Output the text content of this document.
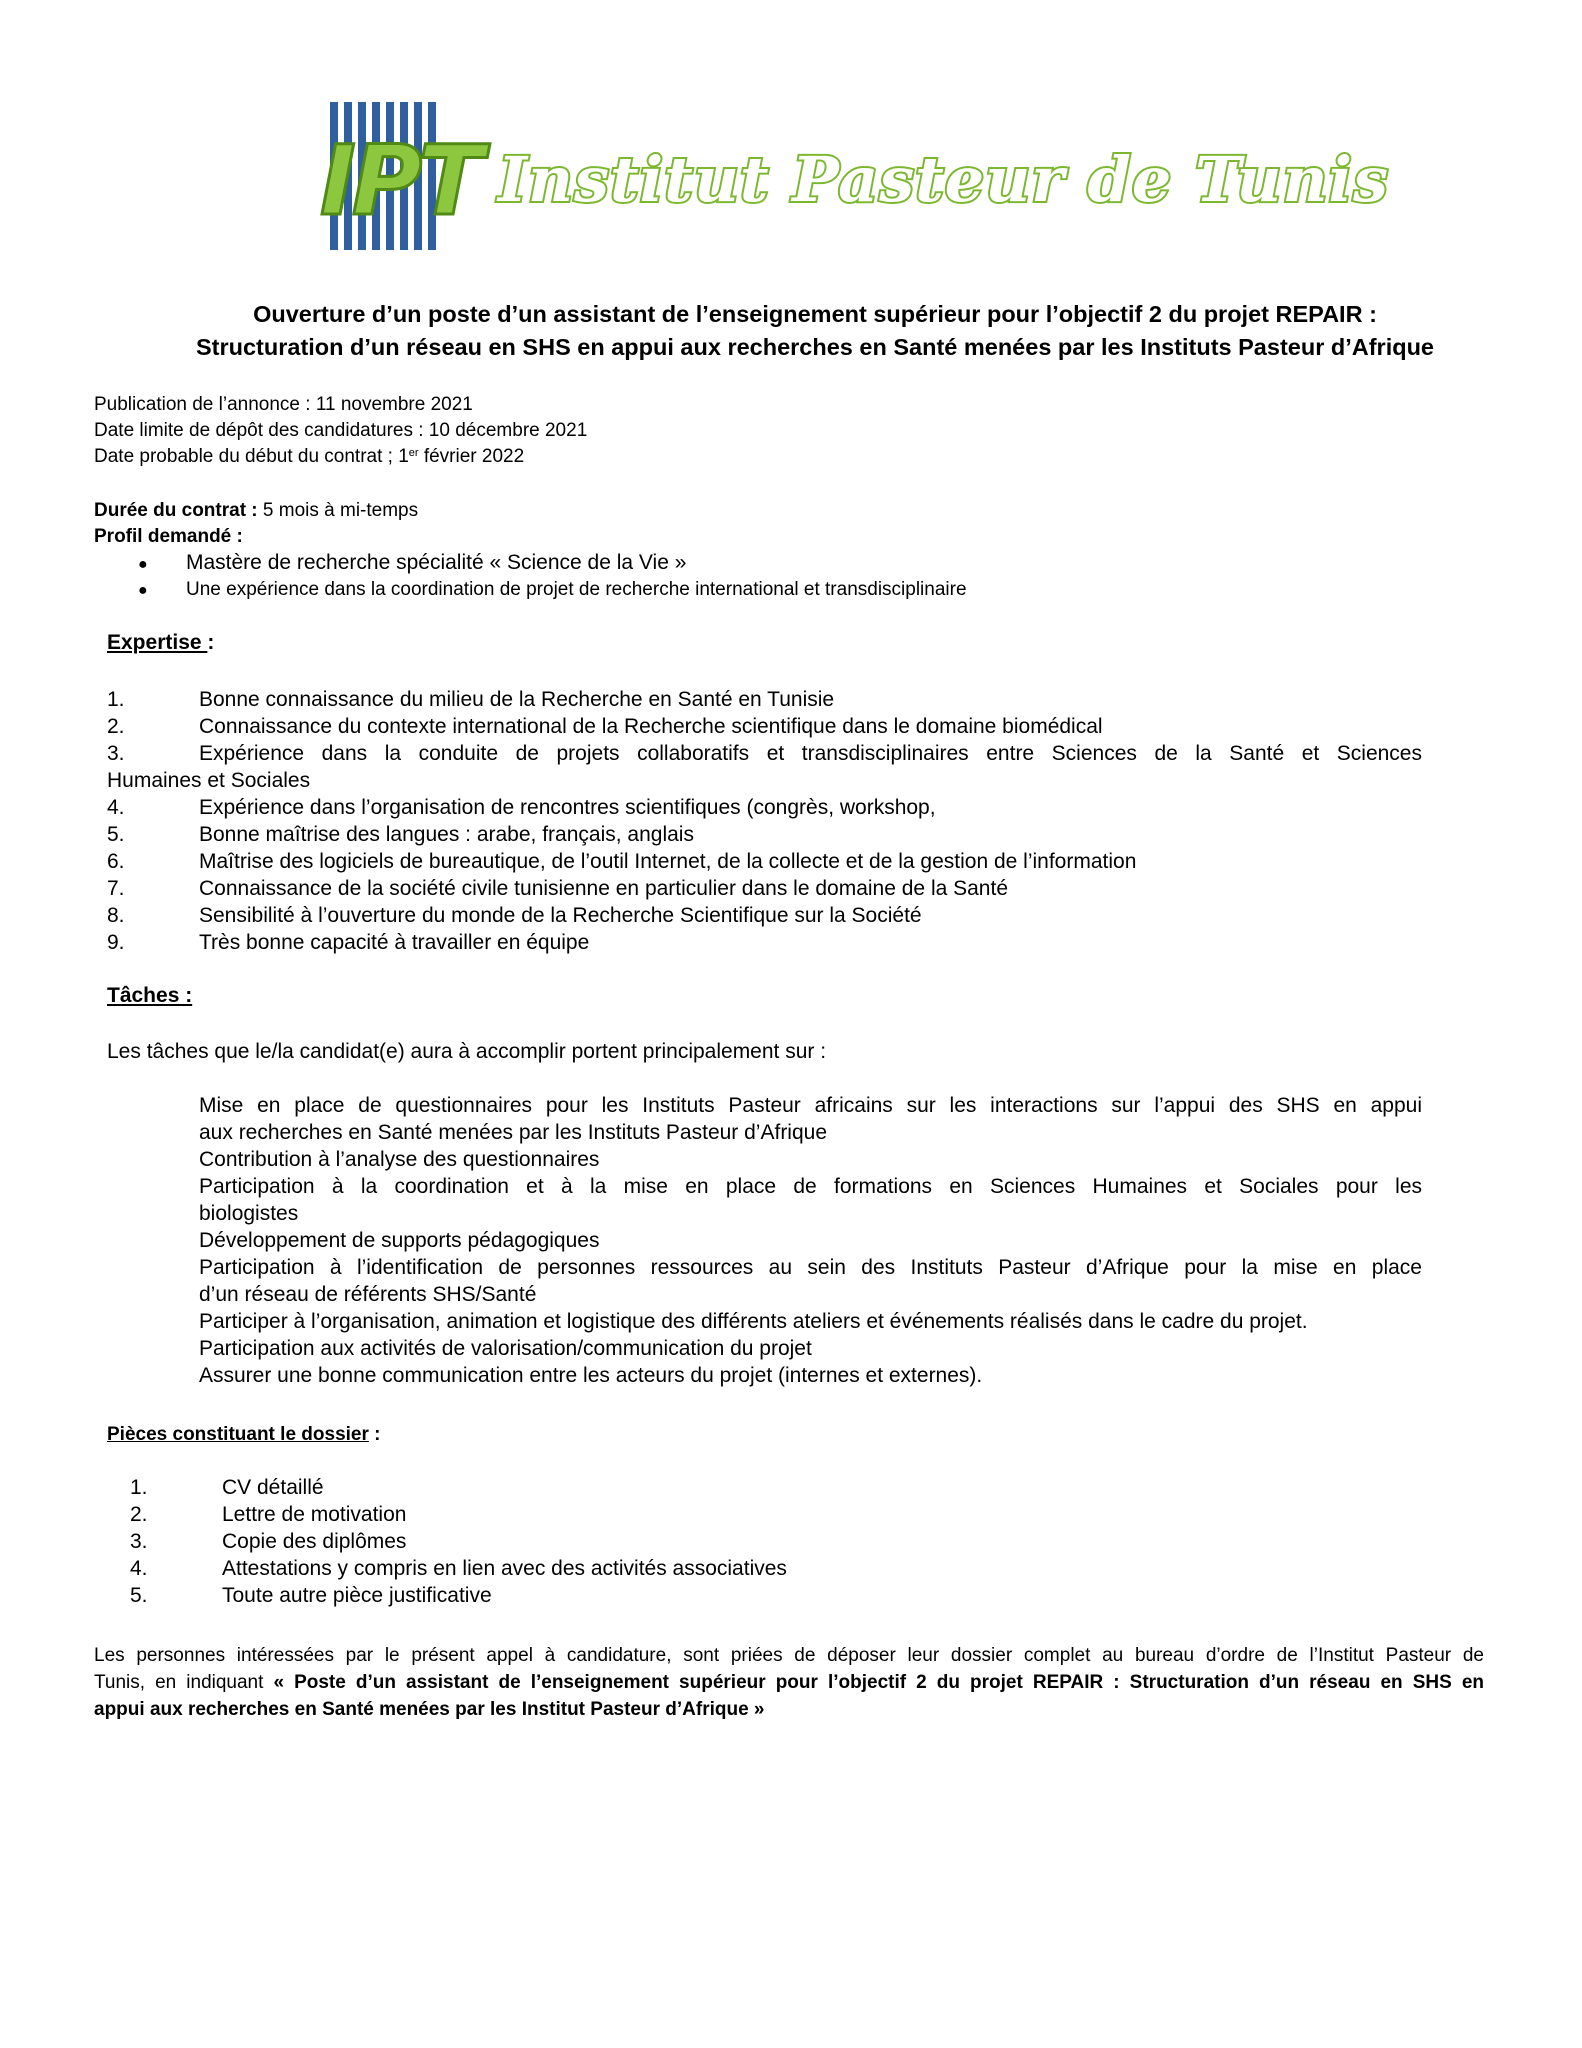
IPT Institut Pasteur de Tunis
Ouverture d’un poste d’un assistant de l’enseignement supérieur pour l’objectif 2 du projet REPAIR :
Structuration d’un réseau en SHS en appui aux recherches en Santé menées par les Instituts Pasteur d’Afrique
Publication de l’annonce : 11 novembre 2021
Date limite de dépôt des candidatures : 10 décembre 2021
Date probable du début du contrat ; 1er février 2022
Durée du contrat : 5 mois à mi-temps
Profil demandé :
●	Mastère de recherche spécialité « Science de la Vie »
●	Une expérience dans la coordination de projet de recherche international et transdisciplinaire
Expertise :
1.	Bonne connaissance du milieu de la Recherche en Santé en Tunisie
2.	Connaissance du contexte international de la Recherche scientifique dans le domaine biomédical
3.	Expérience dans la conduite de projets collaboratifs et transdisciplinaires entre Sciences de la Santé et Sciences
Humaines et Sociales
4.	Expérience dans l’organisation de rencontres scientifiques (congrès, workshop,
5.	Bonne maîtrise des langues : arabe, français, anglais
6.	Maîtrise des logiciels de bureautique, de l’outil Internet, de la collecte et de la gestion de l’information
7.	Connaissance de la société civile tunisienne en particulier dans le domaine de la Santé
8.	Sensibilité à l’ouverture du monde de la Recherche Scientifique sur la Société
9.	Très bonne capacité à travailler en équipe
Tâches :
Les tâches que le/la candidat(e) aura à accomplir portent principalement sur :
Mise en place de questionnaires pour les Instituts Pasteur africains sur les interactions sur l’appui des SHS en appui
aux recherches en Santé menées par les Instituts Pasteur d’Afrique
Contribution à l’analyse des questionnaires
Participation à la coordination et à la mise en place de formations en Sciences Humaines et Sociales pour les
biologistes
Développement de supports pédagogiques
Participation à l’identification de personnes ressources au sein des Instituts Pasteur d’Afrique pour la mise en place
d’un réseau de référents SHS/Santé
Participer à l’organisation, animation et logistique des différents ateliers et événements réalisés dans le cadre du projet.
Participation aux activités de valorisation/communication du projet
Assurer une bonne communication entre les acteurs du projet (internes et externes).
Pièces constituant le dossier :
1.	CV détaillé
2.	Lettre de motivation
3.	Copie des diplômes
4.	Attestations y compris en lien avec des activités associatives
5.	Toute autre pièce justificative
Les personnes intéressées par le présent appel à candidature, sont priées de déposer leur dossier complet au bureau d’ordre de l’Institut Pasteur de
Tunis, en indiquant « Poste d’un assistant de l’enseignement supérieur pour l’objectif 2 du projet REPAIR : Structuration d’un réseau en SHS en
appui aux recherches en Santé menées par les Institut Pasteur d’Afrique »
